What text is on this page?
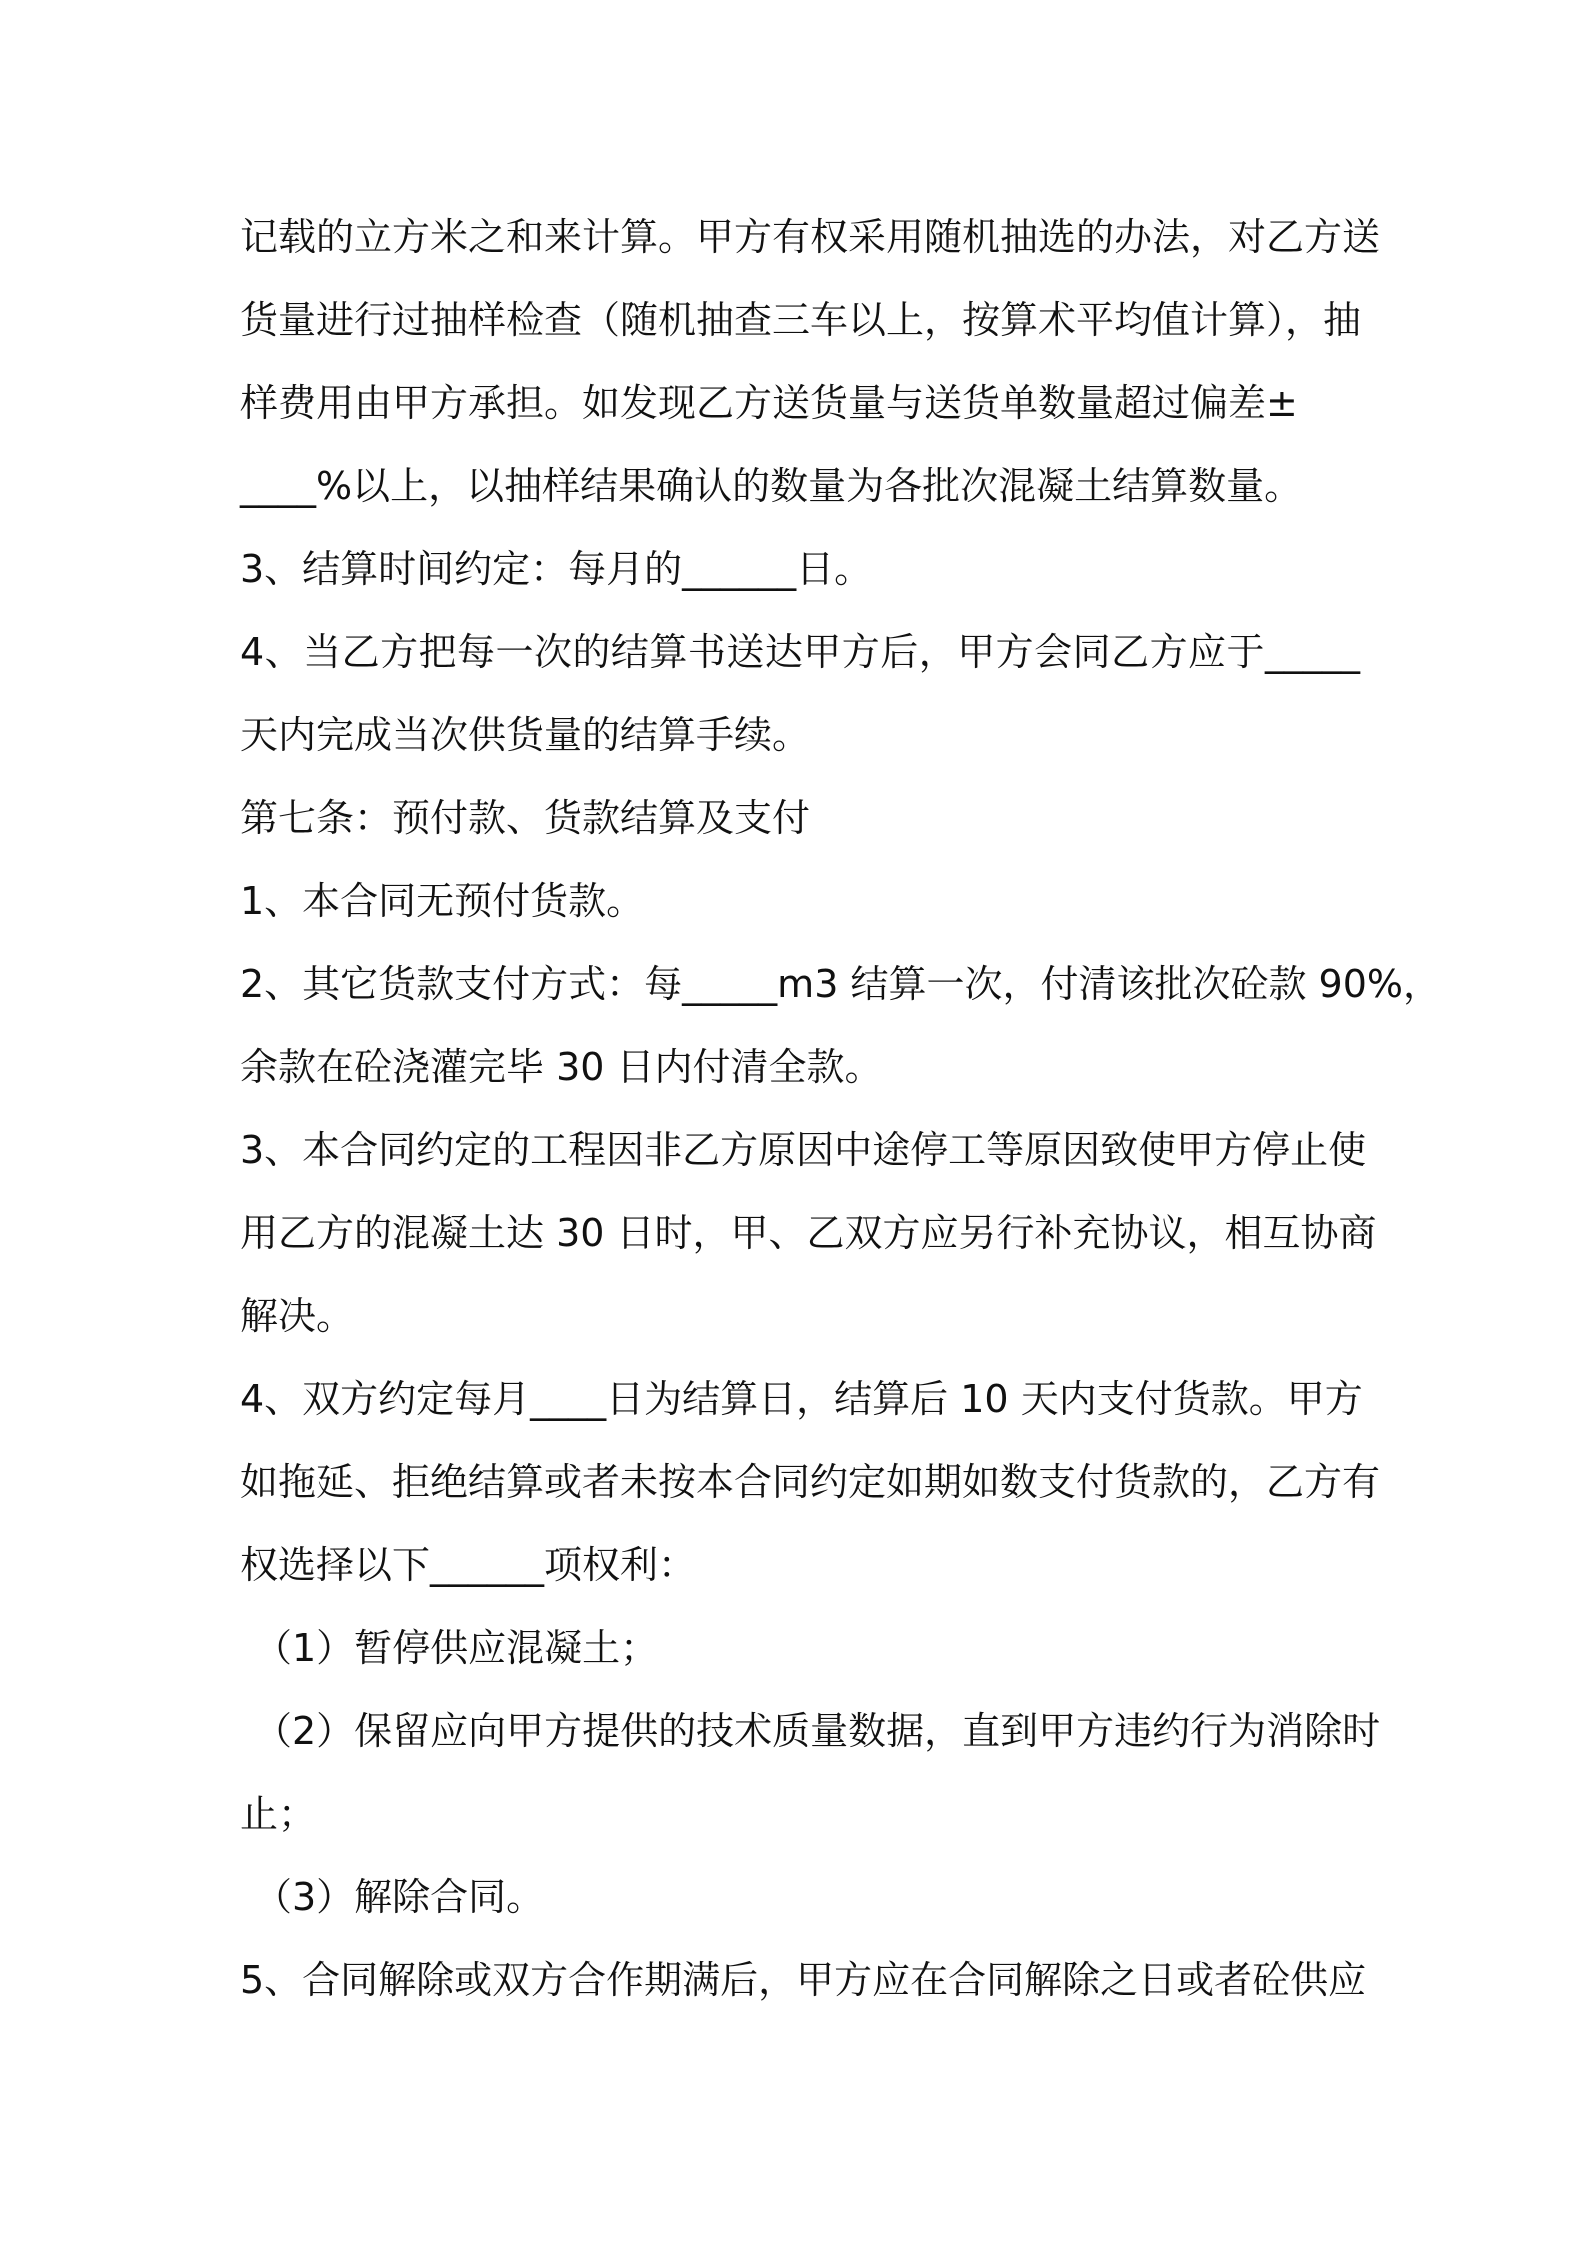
记载的立方米之和来计算。甲方有权采用随机抽选的办法，对乙方送
货量进行过抽样检查（随机抽查三车以上，按算术平均值计算），抽
样费用由甲方承担。如发现乙方送货量与送货单数量超过偏差±
____%以上，以抽样结果确认的数量为各批次混凝土结算数量。
3、结算时间约定：每月的______日。
4、当乙方把每一次的结算书送达甲方后，甲方会同乙方应于_____
天内完成当次供货量的结算手续。
第七条：预付款、货款结算及支付
1、本合同无预付货款。
2、其它货款支付方式：每_____m3 结算一次，付清该批次砼款 90%，
余款在砼浇灌完毕 30 日内付清全款。
3、本合同约定的工程因非乙方原因中途停工等原因致使甲方停止使
用乙方的混凝土达 30 日时，甲、乙双方应另行补充协议，相互协商
解决。
4、双方约定每月____日为结算日，结算后 10 天内支付货款。甲方
如拖延、拒绝结算或者未按本合同约定如期如数支付货款的，乙方有
权选择以下______项权利：
（1）暂停供应混凝土；
（2）保留应向甲方提供的技术质量数据，直到甲方违约行为消除时
止；
（3）解除合同。
5、合同解除或双方合作期满后，甲方应在合同解除之日或者砼供应
